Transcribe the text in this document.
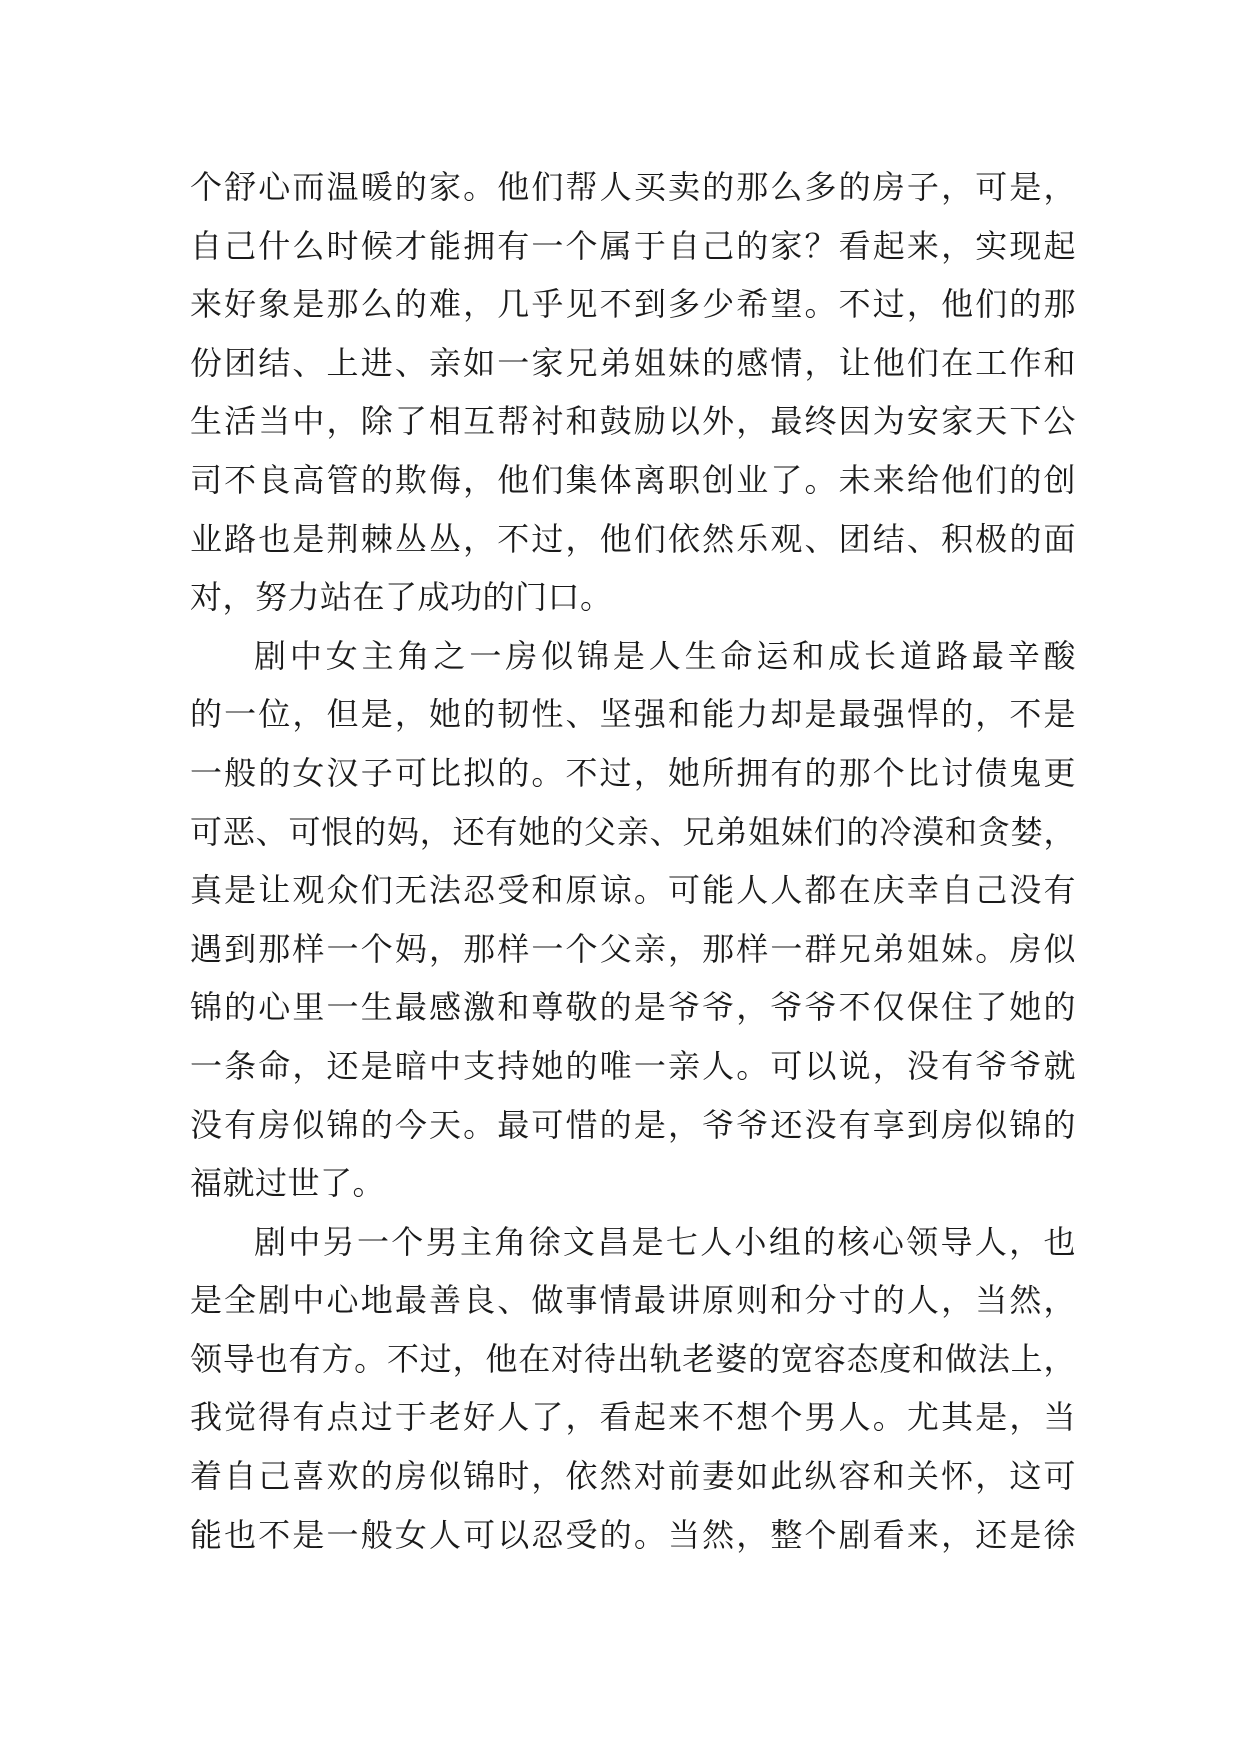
个舒心而温暖的家。他们帮人买卖的那么多的房子，可是，
自己什么时候才能拥有一个属于自己的家？看起来，实现起
来好象是那么的难，几乎见不到多少希望。不过，他们的那
份团结、上进、亲如一家兄弟姐妹的感情，让他们在工作和
生活当中，除了相互帮衬和鼓励以外，最终因为安家天下公
司不良高管的欺侮，他们集体离职创业了。未来给他们的创
业路也是荆棘丛丛，不过，他们依然乐观、团结、积极的面
对，努力站在了成功的门口。
剧中女主角之一房似锦是人生命运和成长道路最辛酸
的一位，但是，她的韧性、坚强和能力却是最强悍的，不是
一般的女汉子可比拟的。不过，她所拥有的那个比讨债鬼更
可恶、可恨的妈，还有她的父亲、兄弟姐妹们的冷漠和贪婪，
真是让观众们无法忍受和原谅。可能人人都在庆幸自己没有
遇到那样一个妈，那样一个父亲，那样一群兄弟姐妹。房似
锦的心里一生最感激和尊敬的是爷爷，爷爷不仅保住了她的
一条命，还是暗中支持她的唯一亲人。可以说，没有爷爷就
没有房似锦的今天。最可惜的是，爷爷还没有享到房似锦的
福就过世了。
剧中另一个男主角徐文昌是七人小组的核心领导人，也
是全剧中心地最善良、做事情最讲原则和分寸的人，当然，
领导也有方。不过，他在对待出轨老婆的宽容态度和做法上，
我觉得有点过于老好人了，看起来不想个男人。尤其是，当
着自己喜欢的房似锦时，依然对前妻如此纵容和关怀，这可
能也不是一般女人可以忍受的。当然，整个剧看来，还是徐
